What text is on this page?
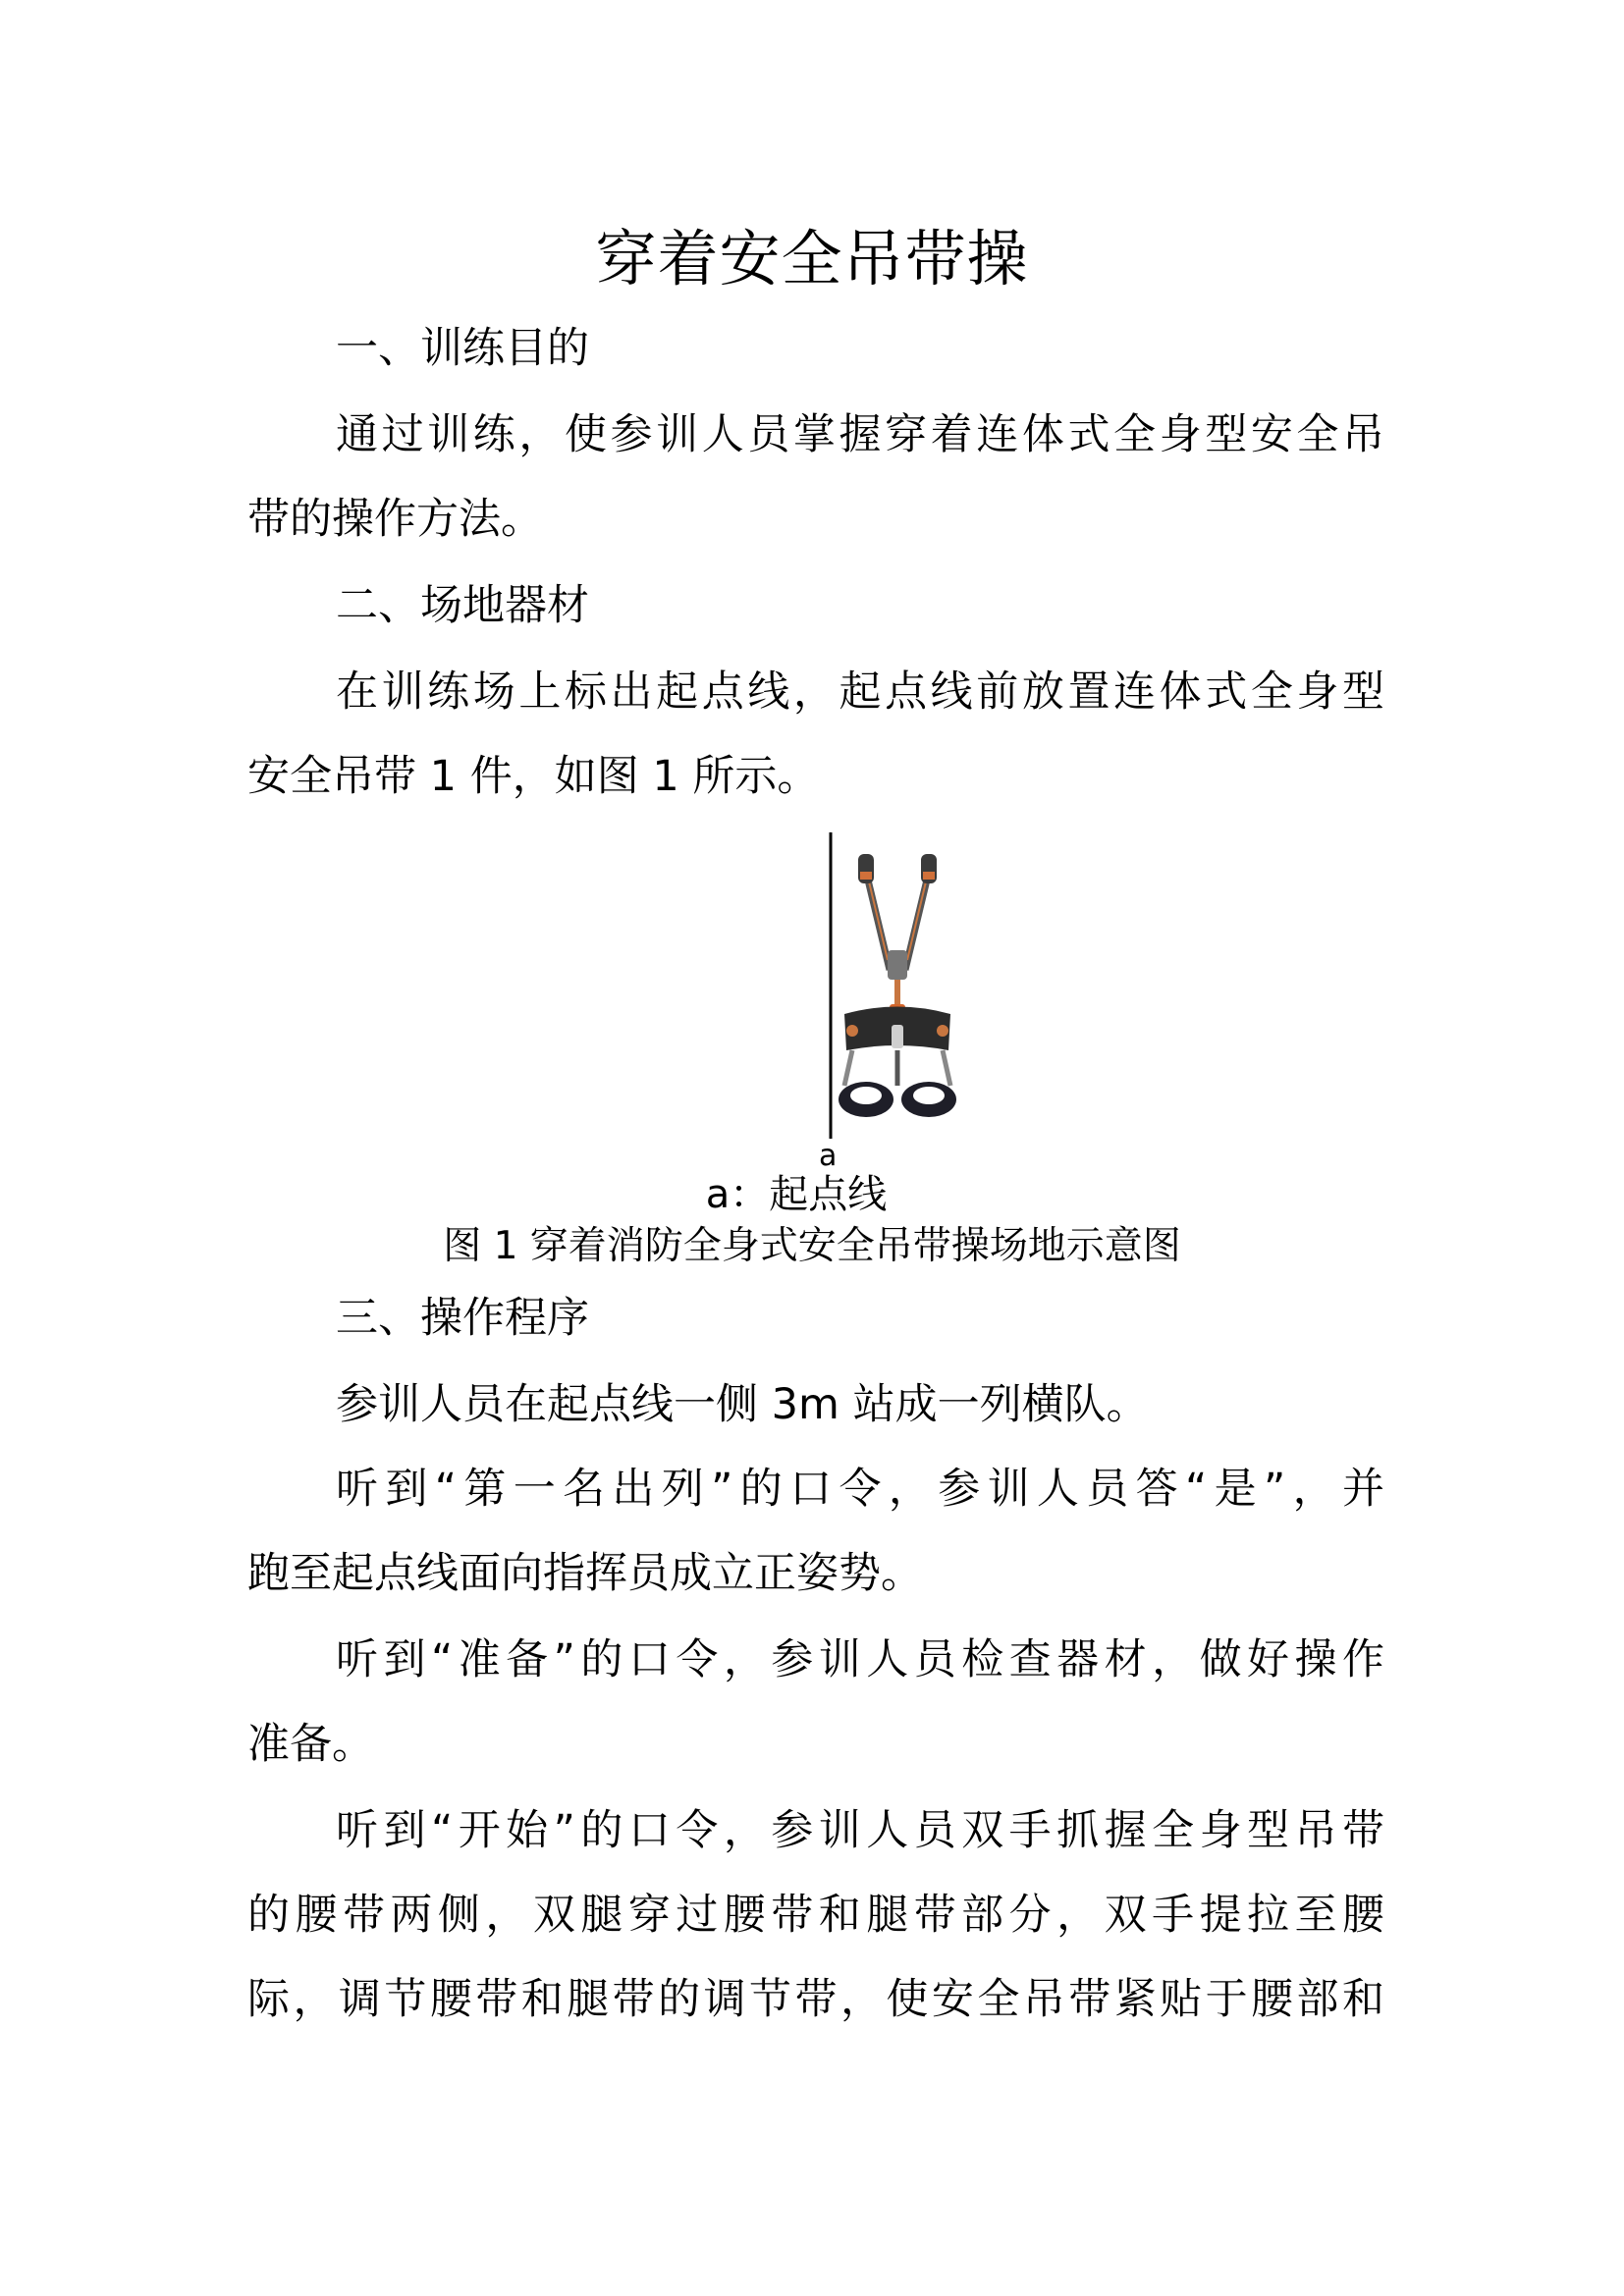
穿着安全吊带操
一、训练目的
通过训练，使参训人员掌握穿着连体式全身型安全吊
带的操作方法。
二、场地器材
在训练场上标出起点线，起点线前放置连体式全身型
安全吊带 1 件，如图 1 所示。
a
a：起点线
图 1 穿着消防全身式安全吊带操场地示意图
三、操作程序
参训人员在起点线一侧 3m 站成一列横队。
听到“第一名出列”的口令，参训人员答“是”，并
跑至起点线面向指挥员成立正姿势。
听到“准备”的口令，参训人员检查器材，做好操作
准备。
听到“开始”的口令，参训人员双手抓握全身型吊带
的腰带两侧，双腿穿过腰带和腿带部分，双手提拉至腰
际，调节腰带和腿带的调节带，使安全吊带紧贴于腰部和
